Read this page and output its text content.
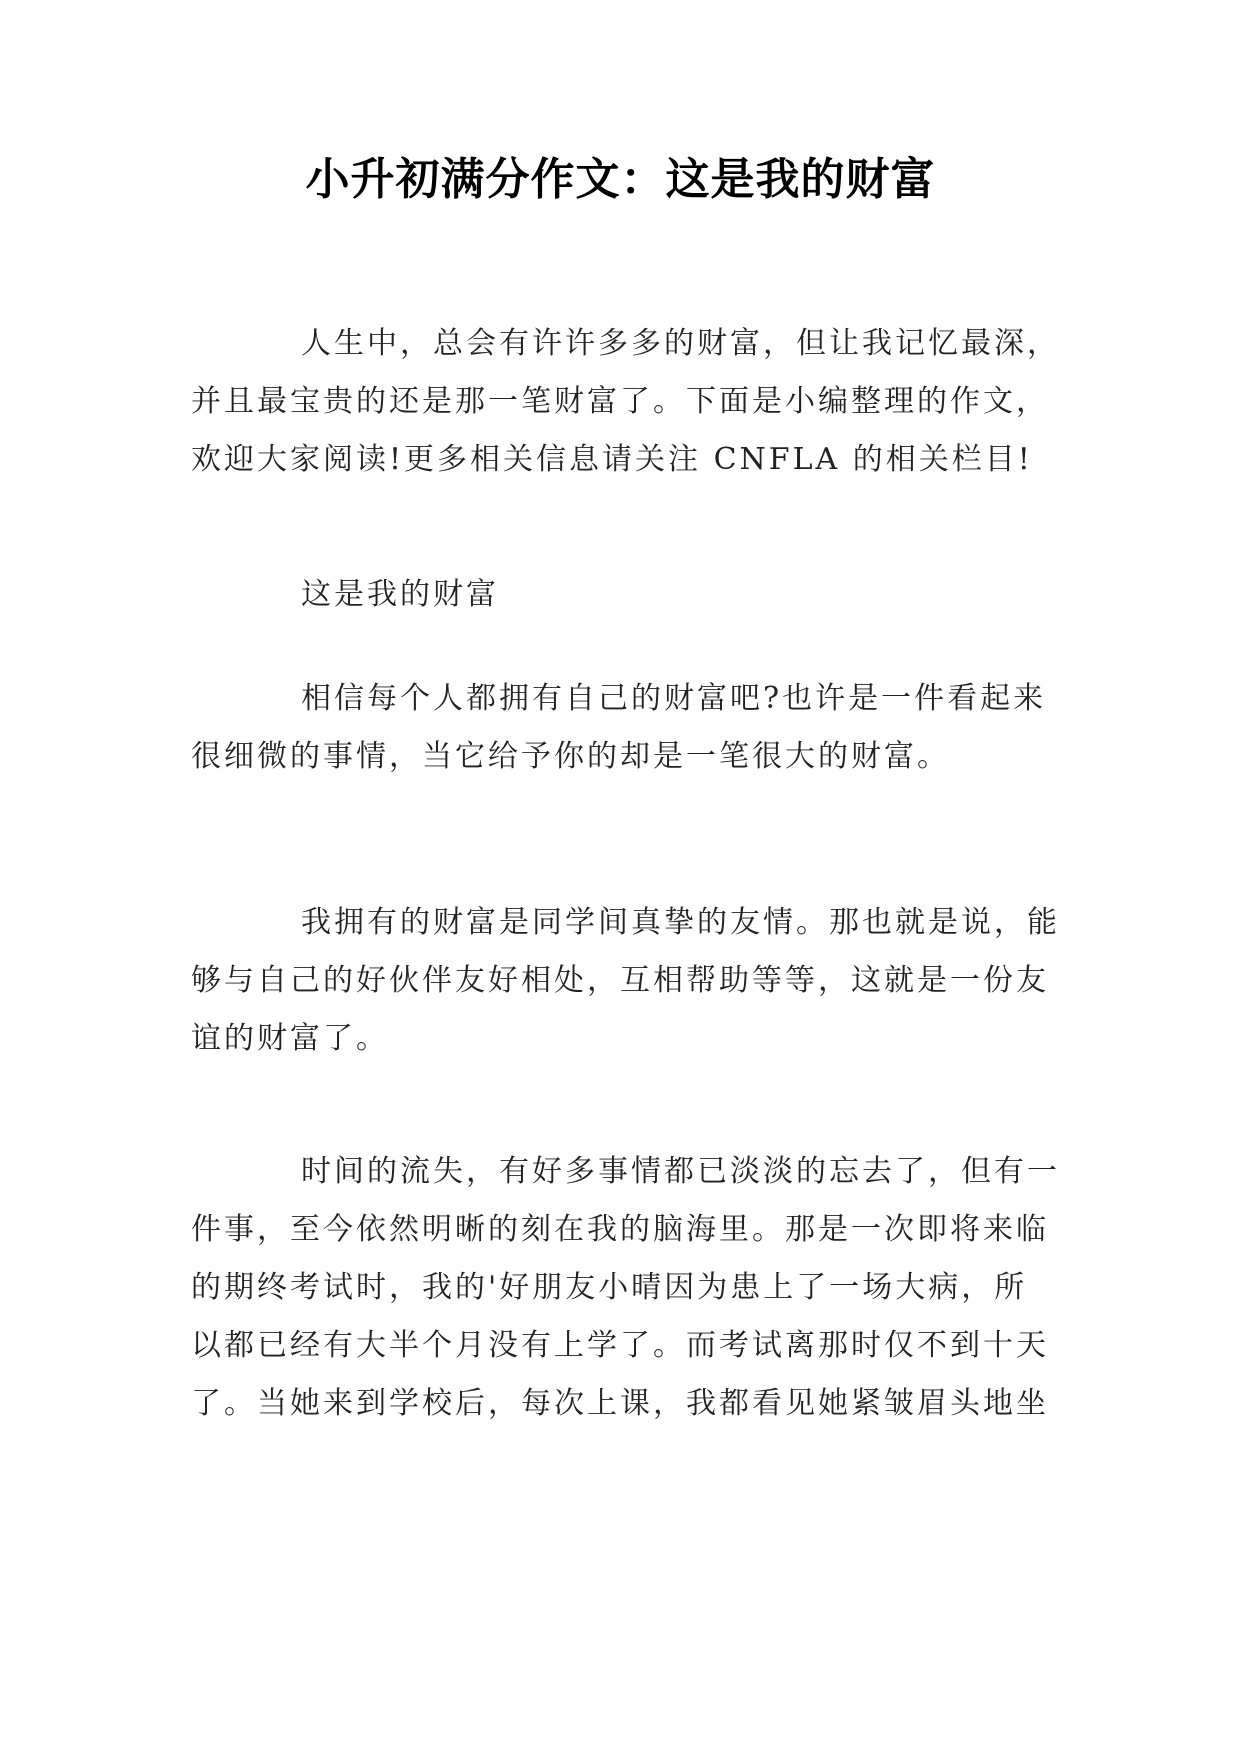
小升初满分作文：这是我的财富
人生中，总会有许许多多的财富，但让我记忆最深，
并且最宝贵的还是那一笔财富了。下面是小编整理的作文，
欢迎大家阅读!更多相关信息请关注 CNFLA 的相关栏目!
这是我的财富
相信每个人都拥有自己的财富吧?也许是一件看起来
很细微的事情，当它给予你的却是一笔很大的财富。
我拥有的财富是同学间真挚的友情。那也就是说，能
够与自己的好伙伴友好相处，互相帮助等等，这就是一份友
谊的财富了。
时间的流失，有好多事情都已淡淡的忘去了，但有一
件事，至今依然明晰的刻在我的脑海里。那是一次即将来临
的期终考试时，我的'好朋友小晴因为患上了一场大病，所
以都已经有大半个月没有上学了。而考试离那时仅不到十天
了。当她来到学校后，每次上课，我都看见她紧皱眉头地坐
